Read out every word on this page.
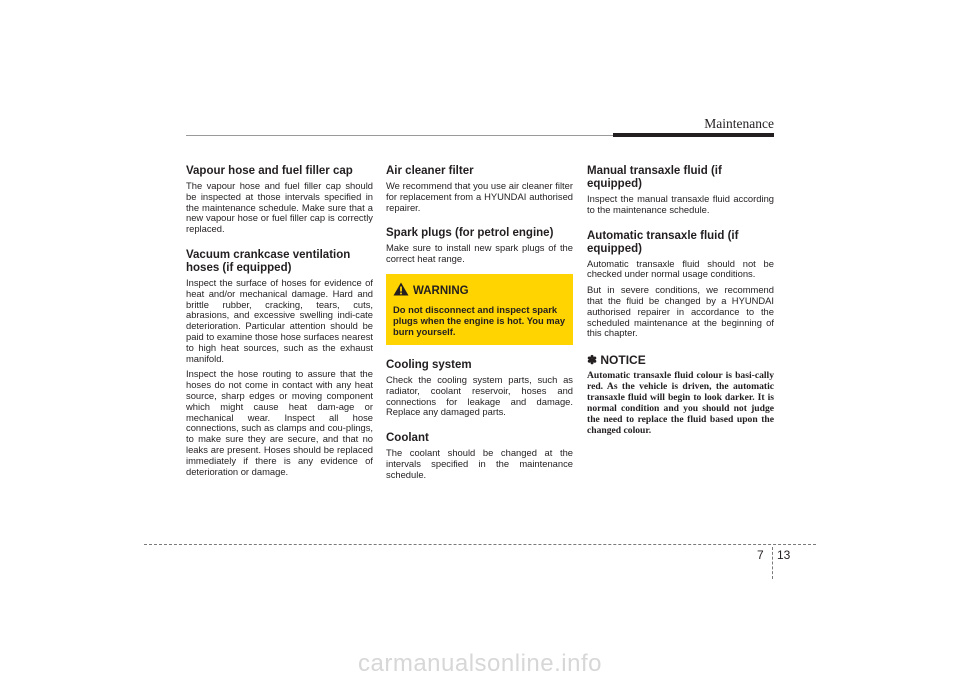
Maintenance
Vapour hose and fuel filler cap

The vapour hose and fuel filler cap should be inspected at those intervals specified in the maintenance schedule. Make sure that a new vapour hose or fuel filler cap is correctly replaced.

Vacuum crankcase ventilation hoses (if equipped)

Inspect the surface of hoses for evidence of heat and/or mechanical damage. Hard and brittle rubber, cracking, tears, cuts, abrasions, and excessive swelling indi-cate deterioration. Particular attention should be paid to examine those hose surfaces nearest to high heat sources, such as the exhaust manifold.

Inspect the hose routing to assure that the hoses do not come in contact with any heat source, sharp edges or moving component which might cause heat dam-age or mechanical wear. Inspect all hose connections, such as clamps and cou-plings, to make sure they are secure, and that no leaks are present. Hoses should be replaced immediately if there is any evidence of deterioration or damage.

Air cleaner filter

We recommend that you use air cleaner filter for replacement from a HYUNDAI authorised repairer.

Spark plugs (for petrol engine)

Make sure to install new spark plugs of the correct heat range.

WARNING
Do not disconnect and inspect spark plugs when the engine is hot. You may burn yourself.
Cooling system

Check the cooling system parts, such as radiator, coolant reservoir, hoses and connections for leakage and damage. Replace any damaged parts.

Coolant

The coolant should be changed at the intervals specified in the maintenance schedule.

Manual transaxle fluid (if equipped)

Inspect the manual transaxle fluid according to the maintenance schedule.

Automatic transaxle fluid (if equipped)

Automatic transaxle fluid should not be checked under normal usage conditions.

But in severe conditions, we recommend that the fluid be changed by a HYUNDAI authorised repairer in accordance to the scheduled maintenance at the beginning of this chapter.

✽ NOTICE
Automatic transaxle fluid colour is basi-cally red. As the vehicle is driven, the automatic transaxle fluid will begin to look darker. It is normal condition and you should not judge the need to replace the fluid based upon the changed colour.
7 13
carmanualsonline.info
